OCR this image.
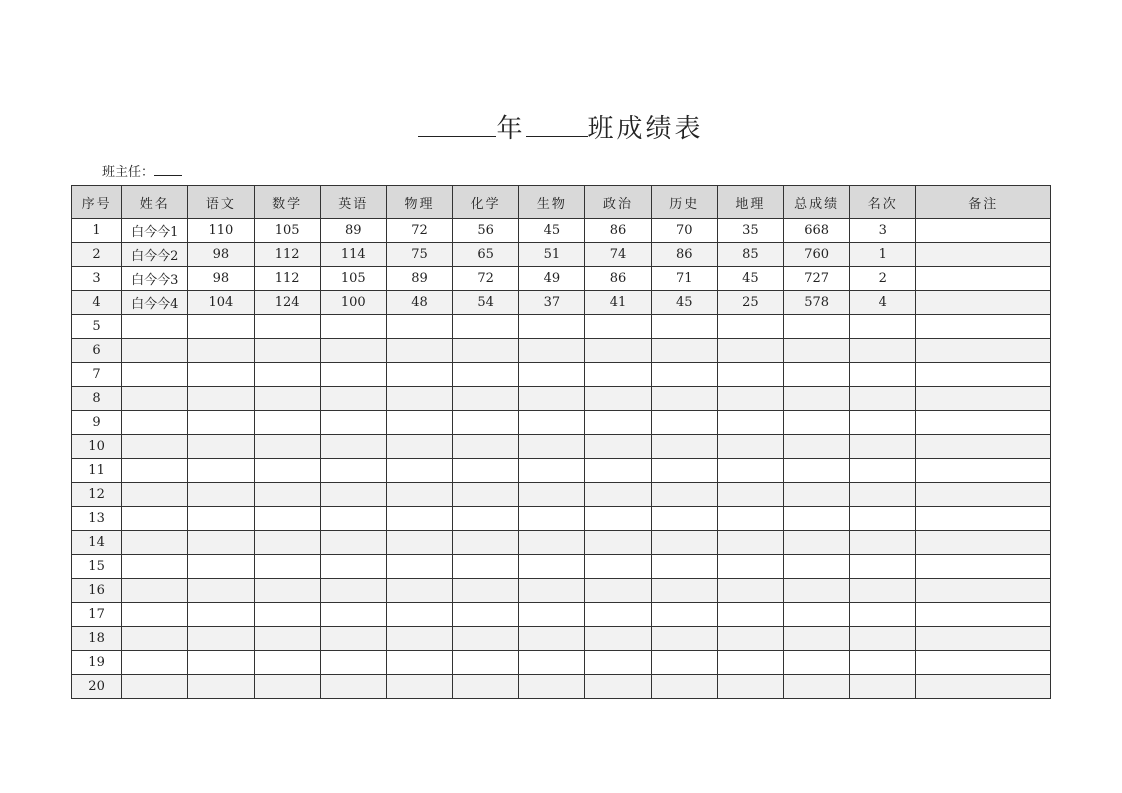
年 班成绩表
班主任：
序号	姓名	语文	数学	英语	物理	化学	生物	政治	历史	地理	总成绩	名次	备注
1	白今今1	110	105	89	72	56	45	86	70	35	668	3	
2	白今今2	98	112	114	75	65	51	74	86	85	760	1	
3	白今今3	98	112	105	89	72	49	86	71	45	727	2	
4	白今今4	104	124	100	48	54	37	41	45	25	578	4	
5													
6													
7													
8													
9													
10													
11													
12													
13													
14													
15													
16													
17													
18													
19													
20													
